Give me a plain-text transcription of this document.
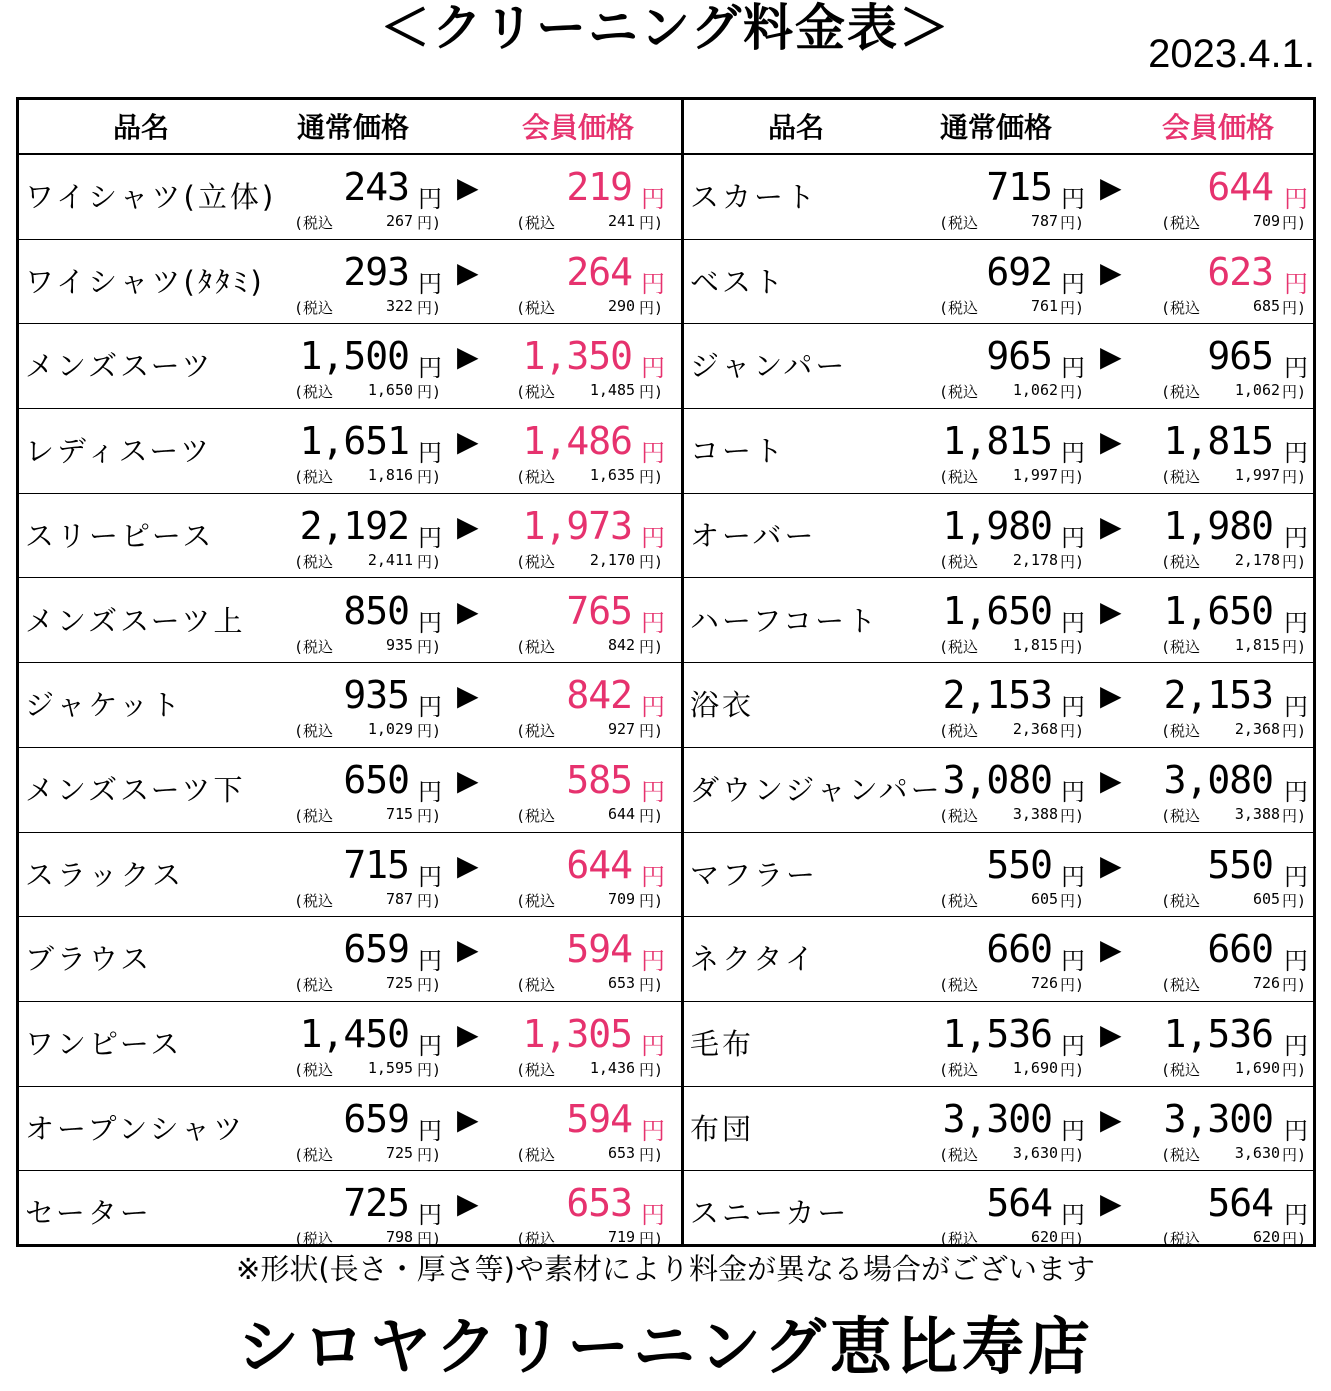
＜クリーニング料金表＞	2023.4.1.
品名	通常価格	会員価格
ワイシャツ(立体) 243 円 ▶ 219 円
(税込	267 円)	(税込	241 円)
ワイシャツ(ﾀﾀﾐ) 293 円 ▶ 264 円
(税込	322 円)	(税込	290 円)
メンズスーツ 1,500 円 ▶ 1,350 円
(税込	1,650 円)	(税込	1,485 円)
レディスーツ 1,651 円 ▶ 1,486 円
(税込	1,816 円)	(税込	1,635 円)
スリーピース 2,192 円 ▶ 1,973 円
(税込	2,411 円)	(税込	2,170 円)
メンズスーツ上	850 円 ▶ 765 円
(税込	935 円)	(税込	842 円)
ジャケット	935 円 ▶ 842 円
(税込	1,029 円)	(税込	927 円)
メンズスーツ下	650 円 ▶ 585 円
(税込	715 円)	(税込	644 円)
スラックス	715 円 ▶ 644 円
(税込	787 円)	(税込	709 円)
ブラウス	659 円 ▶ 594 円
(税込	725 円)	(税込	653 円)
ワンピース	1,450 円 ▶ 1,305 円
(税込	1,595 円)	(税込	1,436 円)
オープンシャツ	659 円 ▶ 594 円
(税込	725 円)	(税込	653 円)
セーター	725 円 ▶ 653 円
(税込	798 円)	(税込	719 円)
品名	通常価格	会員価格
スカート	715 円 ▶ 644 円
(税込	787 円)	(税込	709 円)
ベスト	692 円 ▶ 623 円
(税込	761 円)	(税込	685 円)
ジャンパー	965 円 ▶ 965 円
(税込	1,062 円)	(税込	1,062 円)
コート	1,815 円 ▶ 1,815 円
(税込	1,997 円)	(税込	1,997 円)
オーバー	1,980 円 ▶ 1,980 円
(税込	2,178 円)	(税込	2,178 円)
ハーフコート 1,650 円 ▶ 1,650 円
(税込	1,815 円)	(税込	1,815 円)
浴衣	2,153 円 ▶ 2,153 円
(税込	2,368 円)	(税込	2,368 円)
ダウンジャンパー 3,080 円 ▶ 3,080 円
(税込	3,388 円)	(税込	3,388 円)
マフラー	550 円 ▶ 550 円
(税込	605 円)	(税込	605 円)
ネクタイ	660 円 ▶ 660 円
(税込	726 円)	(税込	726 円)
毛布	1,536 円 ▶ 1,536 円
(税込	1,690 円)	(税込	1,690 円)
布団	3,300 円 ▶ 3,300 円
(税込	3,630 円)	(税込	3,630 円)
スニーカー	564 円 ▶ 564 円
(税込	620 円)	(税込	620 円)
※形状(長さ・厚さ等)や素材により料金が異なる場合がございます
シロヤクリーニング恵比寿店
